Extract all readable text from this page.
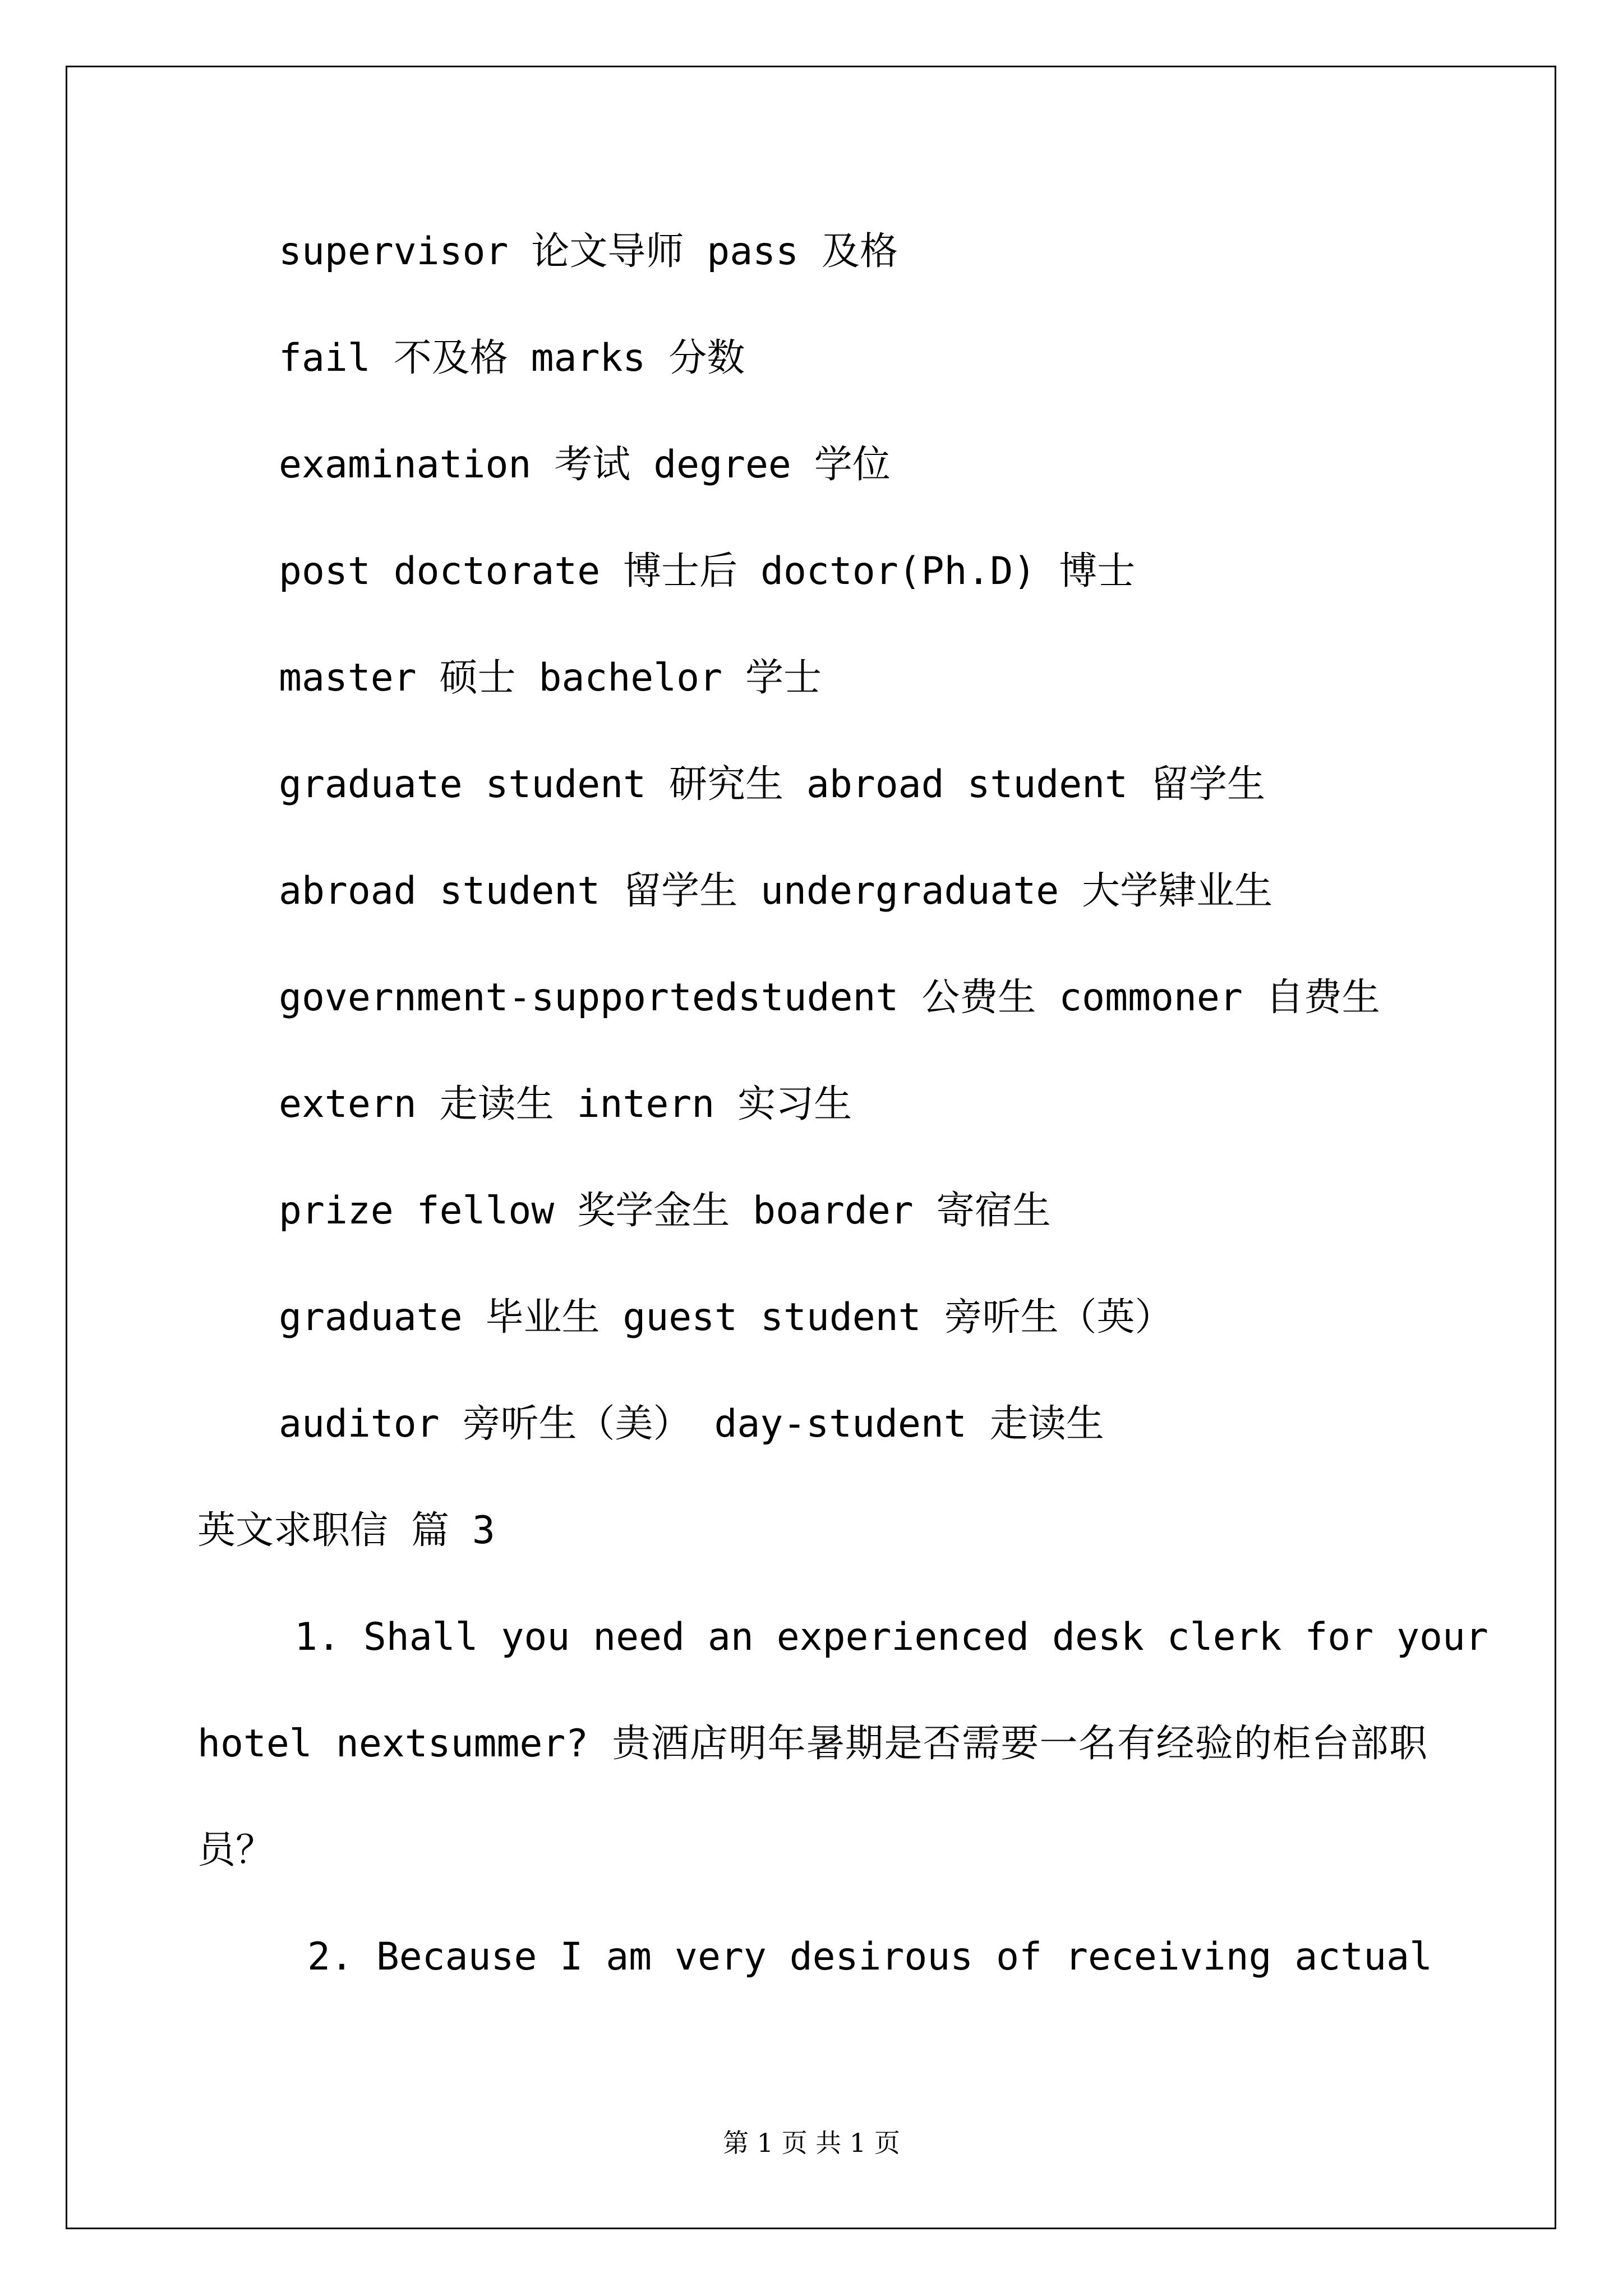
supervisor 论文导师 pass 及格
fail 不及格 marks 分数
examination 考试 degree 学位
post doctorate 博士后 doctor(Ph.D) 博士
master 硕士 bachelor 学士
graduate student 研究生 abroad student 留学生
abroad student 留学生 undergraduate 大学肄业生
government-supportedstudent 公费生 commoner 自费生
extern 走读生 intern 实习生
prize fellow 奖学金生 boarder 寄宿生
graduate 毕业生 guest student 旁听生（英）
auditor 旁听生（美） day-student 走读生
英文求职信 篇 3
1. Shall you need an experienced desk clerk for your
hotel nextsummer? 贵酒店明年暑期是否需要一名有经验的柜台部职
员？
2. Because I am very desirous of receiving actual
第 1 页 共 1 页
